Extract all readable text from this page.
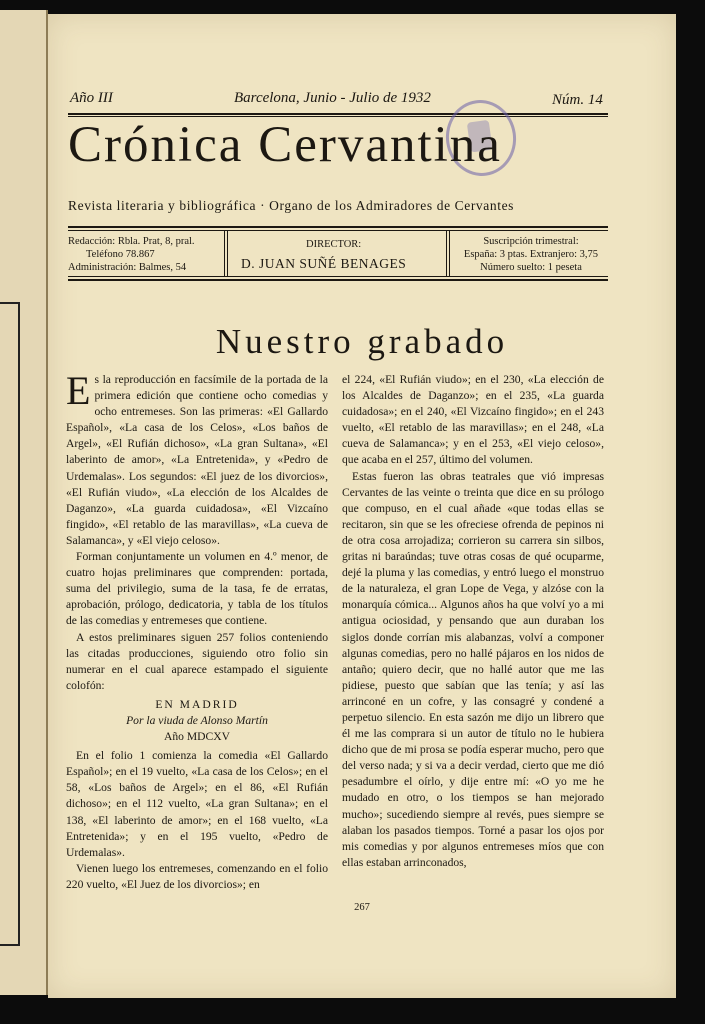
Año III	Barcelona, Junio - Julio de 1932	Núm. 14
Crónica Cervantina
Revista literaria y bibliográfica · Organo de los Admiradores de Cervantes
Redacción: Rbla. Prat, 8, pral.
Teléfono 78.867
Administración: Balmes, 54
DIRECTOR:
D. JUAN SUÑÉ BENAGES
Suscripción trimestral:
España: 3 ptas. Extranjero: 3,75
Número suelto: 1 peseta
Nuestro grabado

Es la reproducción en facsímile de la portada de la primera edición que contiene ocho comedias y ocho entremeses. Son las primeras: «El Gallardo Español», «La casa de los Celos», «Los baños de Argel», «El Rufián dichoso», «La gran Sultana», «El laberinto de amor», «La Entretenida», y «Pedro de Urdemalas». Los segundos: «El juez de los divorcios», «El Rufián viudo», «La elección de los Alcaldes de Daganzo», «La guarda cuidadosa», «El Vizcaíno fingido», «El retablo de las maravillas», «La cueva de Salamanca», y «El viejo celoso».

Forman conjuntamente un volumen en 4.º menor, de cuatro hojas preliminares que comprenden: portada, suma del privilegio, suma de la tasa, fe de erratas, aprobación, prólogo, dedicatoria, y tabla de los títulos de las comedias y entremeses que contiene.

A estos preliminares siguen 257 folios conteniendo las citadas producciones, siguiendo otro folio sin numerar en el cual aparece estampado el siguiente colofón:

EN MADRID

Por la viuda de Alonso Martín

Año MDCXV

En el folio 1 comienza la comedia «El Gallardo Español»; en el 19 vuelto, «La casa de los Celos»; en el 58, «Los baños de Argel»; en el 86, «El Rufián dichoso»; en el 112 vuelto, «La gran Sultana»; en el 138, «El laberinto de amor»; en el 168 vuelto, «La Entretenida»; y en el 195 vuelto, «Pedro de Urdemalas».

Vienen luego los entremeses, comenzando en el folio 220 vuelto, «El Juez de los divorcios»; en

el 224, «El Rufián viudo»; en el 230, «La elección de los Alcaldes de Daganzo»; en el 235, «La guarda cuidadosa»; en el 240, «El Vizcaíno fingido»; en el 243 vuelto, «El retablo de las maravillas»; en el 248, «La cueva de Salamanca»; y en el 253, «El viejo celoso», que acaba en el 257, último del volumen.

Estas fueron las obras teatrales que vió impresas Cervantes de las veinte o treinta que dice en su prólogo que compuso, en el cual añade «que todas ellas se recitaron, sin que se les ofreciese ofrenda de pepinos ni de otra cosa arrojadiza; corrieron su carrera sin silbos, gritas ni baraúndas; tuve otras cosas de qué ocuparme, dejé la pluma y las comedias, y entró luego el monstruo de la naturaleza, el gran Lope de Vega, y alzóse con la monarquía cómica... Algunos años ha que volví yo a mi antigua ociosidad, y pensando que aun duraban los siglos donde corrían mis alabanzas, volví a componer algunas comedias, pero no hallé pájaros en los nidos de antaño; quiero decir, que no hallé autor que me las pidiese, puesto que sabían que las tenía; y así las arrinconé en un cofre, y las consagré y condené a perpetuo silencio. En esta sazón me dijo un librero que él me las comprara si un autor de título no le hubiera dicho que de mi prosa se podía esperar mucho, pero que del verso nada; y si va a decir verdad, cierto que me dió pesadumbre el oírlo, y dije entre mí: «O yo me he mudado en otro, o los tiempos se han mejorado mucho»; sucediendo siempre al revés, pues siempre se alaban los pasados tiempos. Torné a pasar los ojos por mis comedias y por algunos entremeses míos que con ellas estaban arrinconados,

267
